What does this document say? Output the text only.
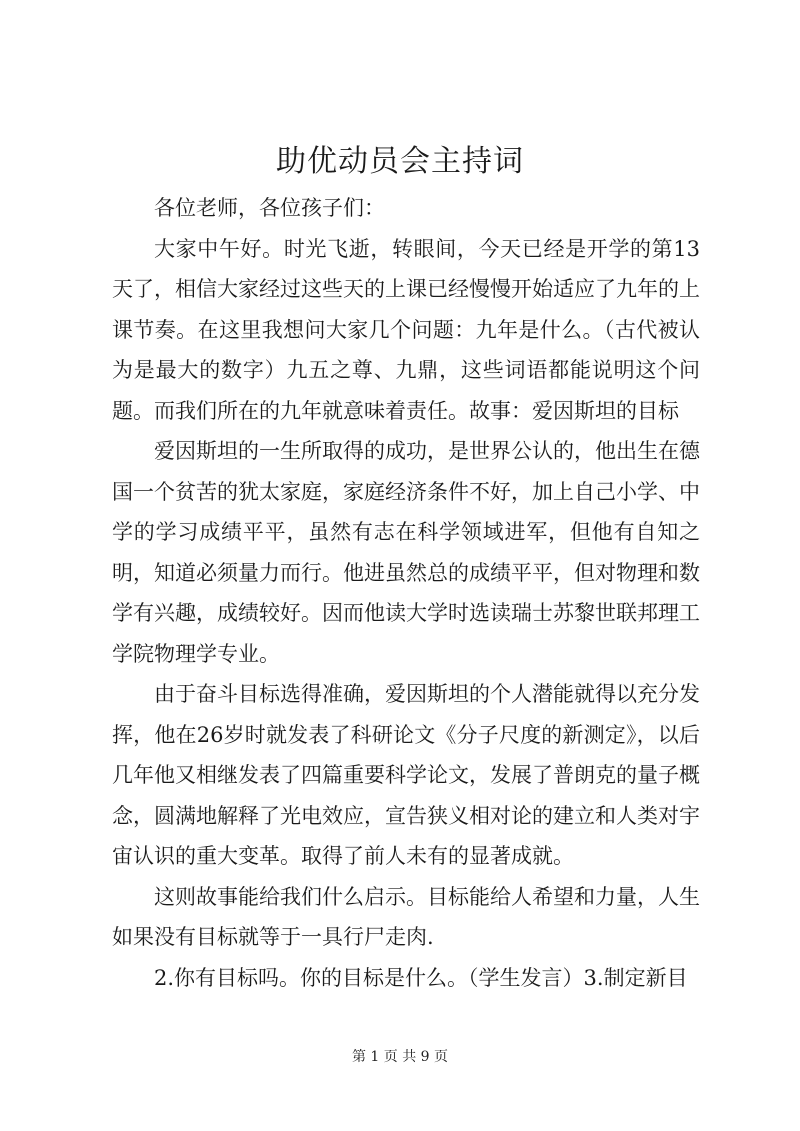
助优动员会主持词

各位老师，各位孩子们：

大家中午好。时光飞逝，转眼间，今天已经是开学的第13天了，相信大家经过这些天的上课已经慢慢开始适应了九年的上课节奏。在这里我想问大家几个问题：九年是什么。（古代被认为是最大的数字）九五之尊、九鼎，这些词语都能说明这个问题。而我们所在的九年就意味着责任。故事：爱因斯坦的目标

爱因斯坦的一生所取得的成功，是世界公认的，他出生在德国一个贫苦的犹太家庭，家庭经济条件不好，加上自己小学、中学的学习成绩平平，虽然有志在科学领域进军，但他有自知之明，知道必须量力而行。他进虽然总的成绩平平，但对物理和数学有兴趣，成绩较好。因而他读大学时选读瑞士苏黎世联邦理工学院物理学专业。

由于奋斗目标选得准确，爱因斯坦的个人潜能就得以充分发挥，他在26岁时就发表了科研论文《分子尺度的新测定》，以后几年他又相继发表了四篇重要科学论文，发展了普朗克的量子概念，圆满地解释了光电效应，宣告狭义相对论的建立和人类对宇宙认识的重大变革。取得了前人未有的显著成就。

这则故事能给我们什么启示。目标能给人希望和力量，人生如果没有目标就等于一具行尸走肉.

2.你有目标吗。你的目标是什么。（学生发言）3.制定新目

第 1 页 共 9 页
